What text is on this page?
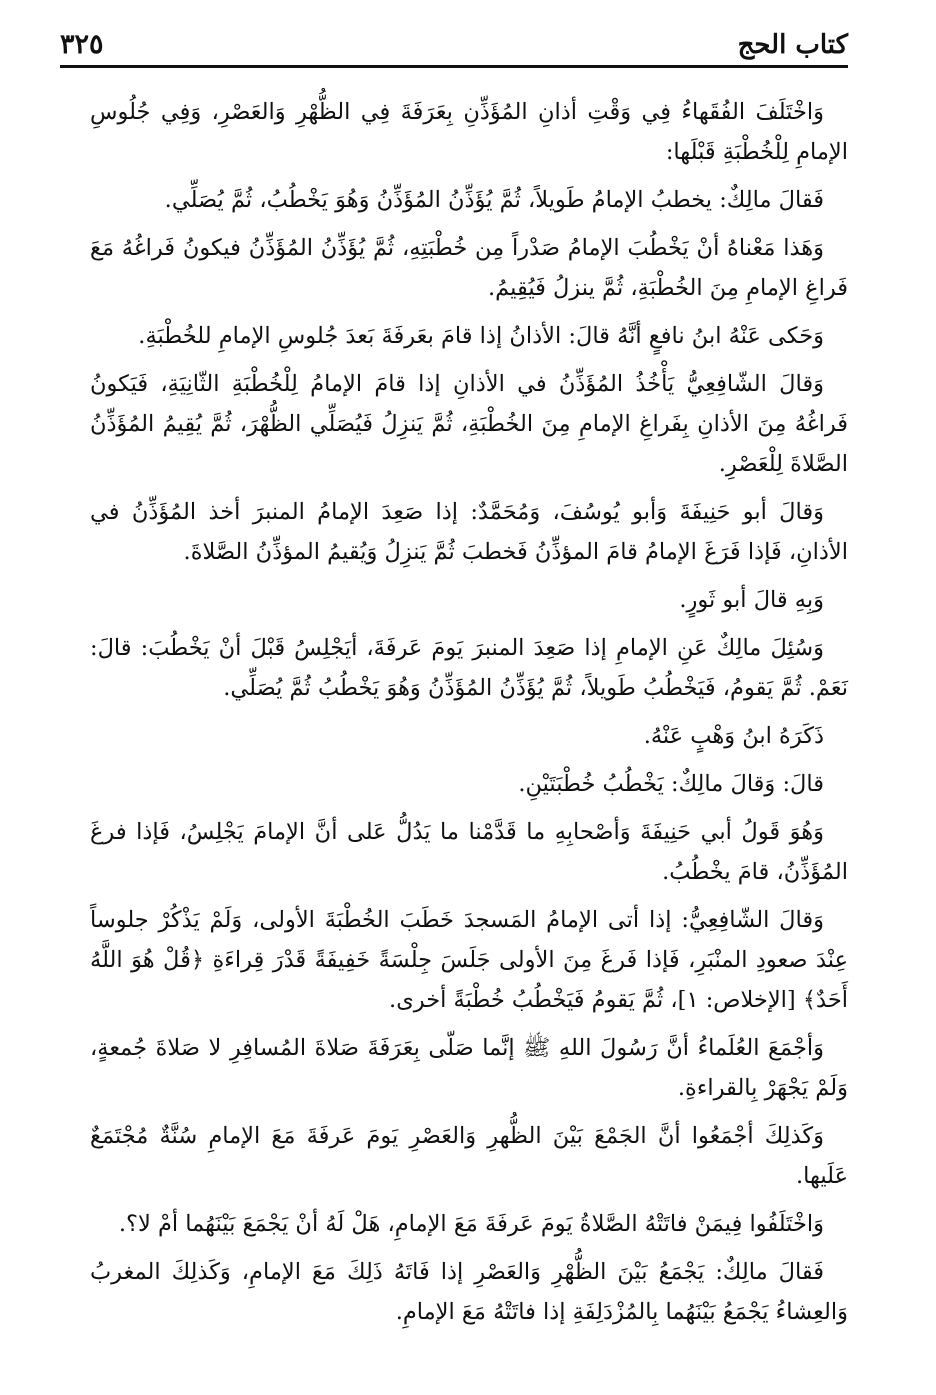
كتاب الحج
٣٢٥

وَاخْتَلَفَ الفُقَهاءُ فِي وَقْتِ أذانِ المُؤَذِّنِ بِعَرَفَةَ فِي الظُّهْرِ وَالعَصْرِ، وَفِي جُلُوسِ الإمامِ لِلْخُطْبَةِ قَبْلَها:

فَقالَ مالِكٌ: يخطبُ الإمامُ طَويلاً، ثُمَّ يُؤَذِّنُ المُؤَذِّنُ وَهُوَ يَخْطُبُ، ثُمَّ يُصَلِّي.

وَهَذا مَعْناهُ أنْ يَخْطُبَ الإمامُ صَدْراً مِن خُطْبَتِهِ، ثُمَّ يُؤَذِّنُ المُؤَذِّنُ فيكونُ فَراغُهُ مَعَ فَراغِ الإمامِ مِنَ الخُطْبَةِ، ثُمَّ ينزلُ فَيُقِيمُ.

وَحَكى عَنْهُ ابنُ نافعٍ أنَّهُ قالَ: الأذانُ إذا قامَ بعَرفَةَ بَعدَ جُلوسِ الإمامِ للخُطْبَةِ.

وَقالَ الشّافِعِيُّ يَأْخُذُ المُؤَذِّنُ في الأذانِ إذا قامَ الإمامُ لِلْخُطْبَةِ الثّانِيَةِ، فَيَكونُ فَراغُهُ مِنَ الأذانِ بِفَراغِ الإمامِ مِنَ الخُطْبَةِ، ثُمَّ يَنزِلُ فَيُصَلِّي الظُّهْرَ، ثُمَّ يُقِيمُ المُؤَذِّنُ الصَّلاةَ لِلْعَصْرِ.

وَقالَ أبو حَنِيفَةَ وَأبو يُوسُفَ، وَمُحَمَّدٌ: إذا صَعِدَ الإمامُ المنبرَ أخذ المُؤَذِّنُ في الأذانِ، فَإذا فَرَغَ الإمامُ قامَ المؤذِّنُ فَخطبَ ثُمَّ يَنزِلُ وَيُقيمُ المؤذِّنُ الصَّلاةَ.

وَبِهِ قالَ أبو ثَورٍ.

وَسُئِلَ مالِكٌ عَنِ الإمامِ إذا صَعِدَ المنبرَ يَومَ عَرفَةَ، أيَجْلِسُ قَبْلَ أنْ يَخْطُبَ: قالَ: نَعَمْ. ثُمَّ يَقومُ، فَيَخْطُبُ طَويلاً، ثُمَّ يُؤَذِّنُ المُؤَذِّنُ وَهُوَ يَخْطُبُ ثُمَّ يُصَلِّي.

ذَكَرَهُ ابنُ وَهْبٍ عَنْهُ.

قالَ: وَقالَ مالِكٌ: يَخْطُبُ خُطْبَتَيْنِ.

وَهُوَ قَولُ أبي حَنِيفَةَ وَأصْحابِهِ ما قَدَّمْنا ما يَدُلُّ عَلى أنَّ الإمامَ يَجْلِسُ، فَإذا فرغَ المُؤَذِّنُ، قامَ يخْطُبُ.

وَقالَ الشّافِعِيُّ: إذا أتى الإمامُ المَسجدَ خَطَبَ الخُطْبَةَ الأولى، وَلَمْ يَذْكُرْ جلوساً عِنْدَ صعودِ المنْبَرِ، فَإذا فَرغَ مِنَ الأولى جَلَسَ جِلْسَةً خَفِيفَةً قَدْرَ قِراءَةِ ﴿قُلْ هُوَ اللَّهُ أَحَدٌ﴾ [الإخلاص: ١]، ثُمَّ يَقومُ فَيَخْطُبُ خُطْبَةً أخرى.

وَأجْمَعَ العُلَماءُ أنَّ رَسُولَ اللهِ ﷺ إنَّما صَلّى بِعَرَفَةَ صَلاةَ المُسافِرِ لا صَلاةَ جُمعةٍ، وَلَمْ يَجْهَرْ بِالقراءةِ.

وَكَذلِكَ أجْمَعُوا أنَّ الجَمْعَ بَيْنَ الظُّهرِ وَالعَصْرِ يَومَ عَرفَةَ مَعَ الإمامِ سُنَّةٌ مُجْتَمَعٌ عَلَيها.

وَاخْتَلَفُوا فِيمَنْ فاتَتْهُ الصَّلاةُ يَومَ عَرفَةَ مَعَ الإمامِ، هَلْ لَهُ أنْ يَجْمَعَ بَيْنَهُما أمْ لا؟.

فَقالَ مالِكٌ: يَجْمَعُ بَيْنَ الظُّهْرِ وَالعَصْرِ إذا فَاتَهُ ذَلِكَ مَعَ الإمامِ، وَكَذلِكَ المغربُ وَالعِشاءُ يَجْمَعُ بَيْنَهُما بِالمُزْدَلِفَةِ إذا فاتَتْهُ مَعَ الإمامِ.
